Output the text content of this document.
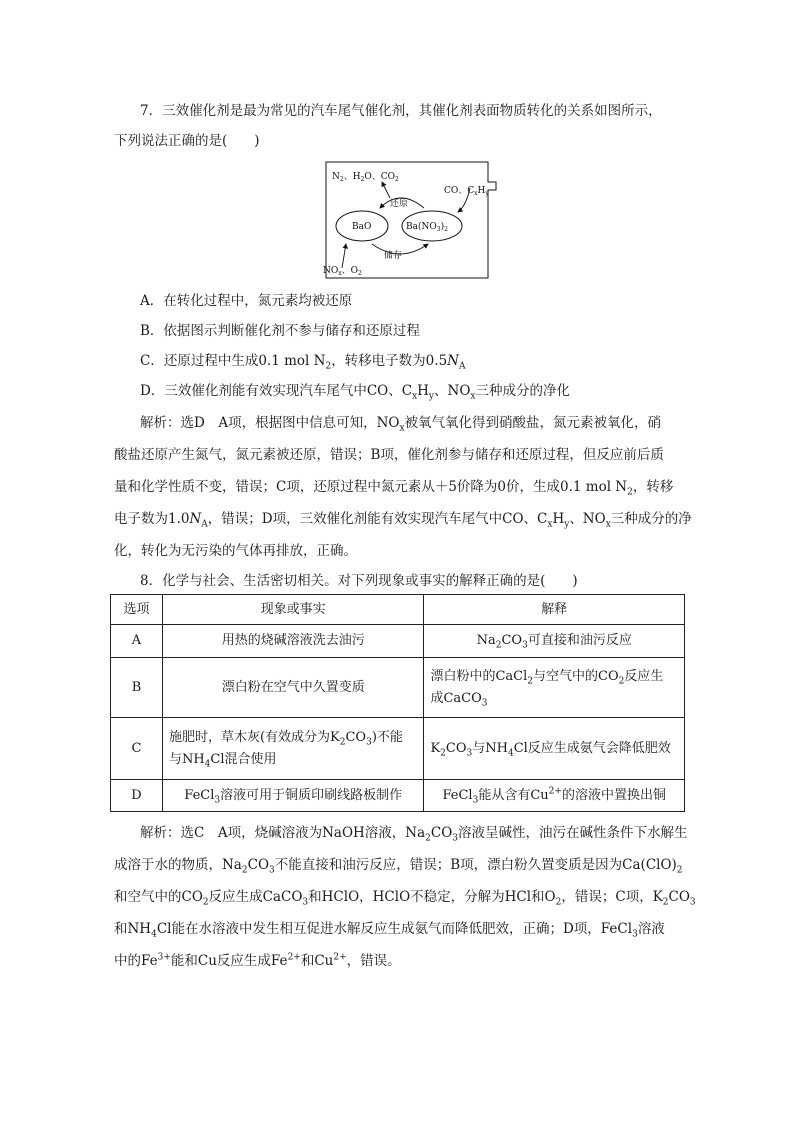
7．三效催化剂是最为常见的汽车尾气催化剂，其催化剂表面物质转化的关系如图所示，
下列说法正确的是(　　)
$N_2$、$H_2O$、$CO_2$
CO、$C_xH_y$
还原
储存
BaO	$Ba(NO_3)_2$
$NO_x$、$O_2$
A．在转化过程中，氮元素均被还原
B．依据图示判断催化剂不参与储存和还原过程
C．还原过程中生成0.1 mol $N_2$，转移电子数为$0.5N_A$
D．三效催化剂能有效实现汽车尾气中CO、$C_xH_y$、$NO_x$三种成分的净化
解析：选D　A项，根据图中信息可知，$NO_x$被氧气氧化得到硝酸盐，氮元素被氧化，硝
酸盐还原产生氮气，氮元素被还原，错误；B项，催化剂参与储存和还原过程，但反应前后质
量和化学性质不变，错误；C项，还原过程中氮元素从＋5价降为0价，生成0.1 mol $N_2$，转移
电子数为$1.0N_A$，错误；D项，三效催化剂能有效实现汽车尾气中CO、$C_xH_y$、$NO_x$三种成分的净
化，转化为无污染的气体再排放，正确。
8．化学与社会、生活密切相关。对下列现象或事实的解释正确的是(　　)
选项	现象或事实	解释
A	用热的烧碱溶液洗去油污	$Na_2CO_3$可直接和油污反应
B	漂白粉在空气中久置变质	漂白粉中的CaCl$_2$与空气中的$CO_2$反应生
成CaCO$_3$
C	施肥时，草木灰(有效成分为$K_2CO_3$)不能
与$NH_4Cl$混合使用	$K_2CO_3$与$NH_4Cl$反应生成氨气会降低肥效
D	FeCl$_3$溶液可用于铜质印刷线路板制作	FeCl$_3$能从含有$Cu^{2+}$的溶液中置换出铜
解析：选C　A项，烧碱溶液为NaOH溶液，$Na_2CO_3$溶液呈碱性，油污在碱性条件下水解生
成溶于水的物质，$Na_2CO_3$不能直接和油污反应，错误；B项，漂白粉久置变质是因为$Ca(ClO)_2$
和空气中的$CO_2$反应生成CaCO$_3$和HClO，HClO不稳定，分解为HCl和$O_2$，错误；C项，$K_2CO_3$
和$NH_4Cl$能在水溶液中发生相互促进水解反应生成氨气而降低肥效，正确；D项，FeCl$_3$溶液
中的$Fe^{3+}$能和Cu反应生成$Fe^{2+}$和$Cu^{2+}$，错误。
